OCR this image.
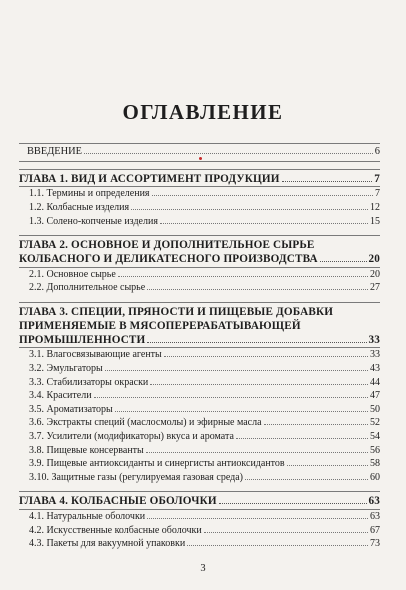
ОГЛАВЛЕНИЕ
ВВЕДЕНИЕ	6
ГЛАВА 1. ВИД И АССОРТИМЕНТ ПРОДУКЦИИ	7
1.1. Термины и определения	7
1.2. Колбасные изделия	12
1.3. Солено-копченые изделия	15
ГЛАВА 2. ОСНОВНОЕ И ДОПОЛНИТЕЛЬНОЕ СЫРЬЕ
КОЛБАСНОГО И ДЕЛИКАТЕСНОГО ПРОИЗВОДСТВА	20
2.1. Основное сырье	20
2.2. Дополнительное сырье	27
ГЛАВА 3. СПЕЦИИ, ПРЯНОСТИ И ПИЩЕВЫЕ ДОБАВКИ
ПРИМЕНЯЕМЫЕ В МЯСОПЕРЕРАБАТЫВАЮЩЕЙ
ПРОМЫШЛЕННОСТИ	33
3.1. Влагосвязывающие агенты	33
3.2. Эмульгаторы	43
3.3. Стабилизаторы окраски	44
3.4. Красители	47
3.5. Ароматизаторы	50
3.6. Экстракты специй (маслосмолы) и эфирные масла	52
3.7. Усилители (модификаторы) вкуса и аромата	54
3.8. Пищевые консерванты	56
3.9. Пищевые антиоксиданты и синергисты антиоксидантов	58
3.10. Защитные газы (регулируемая газовая среда)	60
ГЛАВА 4. КОЛБАСНЫЕ ОБОЛОЧКИ	63
4.1. Натуральные оболочки	63
4.2. Искусственные колбасные оболочки	67
4.3. Пакеты для вакуумной упаковки	73
3
